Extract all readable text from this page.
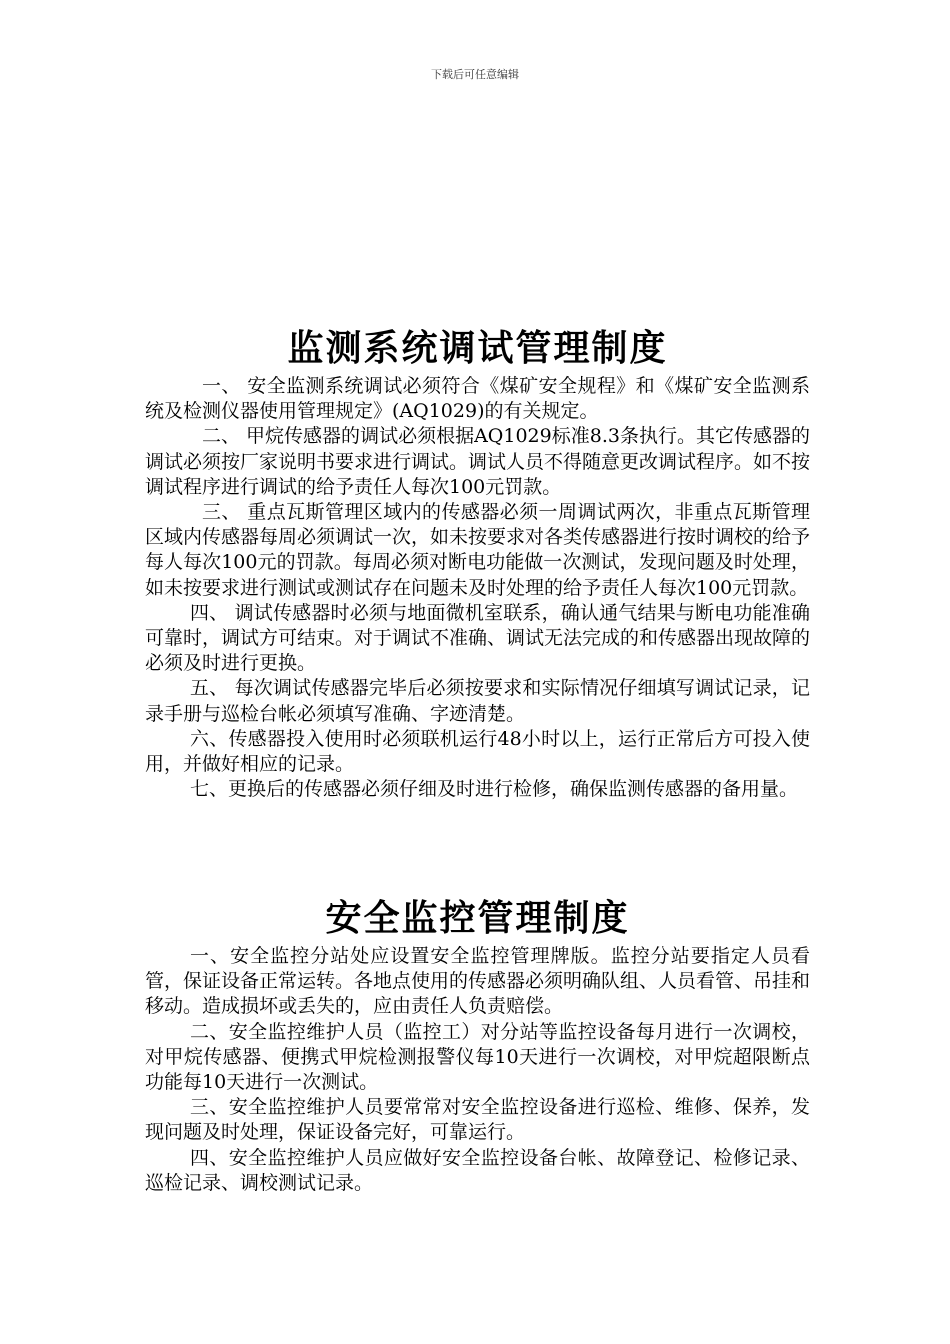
下载后可任意编辑
监测系统调试管理制度

一、 安全监测系统调试必须符合《煤矿安全规程》和《煤矿安全监测系统及检测仪器使用管理规定》(AQ1029)的有关规定。

二、 甲烷传感器的调试必须根据AQ1029标准8.3条执行。其它传感器的调试必须按厂家说明书要求进行调试。调试人员不得随意更改调试程序。如不按调试程序进行调试的给予责任人每次100元罚款。

三、 重点瓦斯管理区域内的传感器必须一周调试两次，非重点瓦斯管理区域内传感器每周必须调试一次，如未按要求对各类传感器进行按时调校的给予每人每次100元的罚款。每周必须对断电功能做一次测试，发现问题及时处理，如未按要求进行测试或测试存在问题未及时处理的给予责任人每次100元罚款。

四、 调试传感器时必须与地面微机室联系，确认通气结果与断电功能准确可靠时，调试方可结束。对于调试不准确、调试无法完成的和传感器出现故障的必须及时进行更换。

五、 每次调试传感器完毕后必须按要求和实际情况仔细填写调试记录，记录手册与巡检台帐必须填写准确、字迹清楚。

六、传感器投入使用时必须联机运行48小时以上，运行正常后方可投入使用，并做好相应的记录。

七、更换后的传感器必须仔细及时进行检修，确保监测传感器的备用量。

安全监控管理制度

一、安全监控分站处应设置安全监控管理牌版。监控分站要指定人员看管，保证设备正常运转。各地点使用的传感器必须明确队组、人员看管、吊挂和移动。造成损坏或丢失的，应由责任人负责赔偿。

二、安全监控维护人员（监控工）对分站等监控设备每月进行一次调校，对甲烷传感器、便携式甲烷检测报警仪每10天进行一次调校，对甲烷超限断点功能每10天进行一次测试。

三、安全监控维护人员要常常对安全监控设备进行巡检、维修、保养，发现问题及时处理，保证设备完好，可靠运行。

四、安全监控维护人员应做好安全监控设备台帐、故障登记、检修记录、巡检记录、调校测试记录。
